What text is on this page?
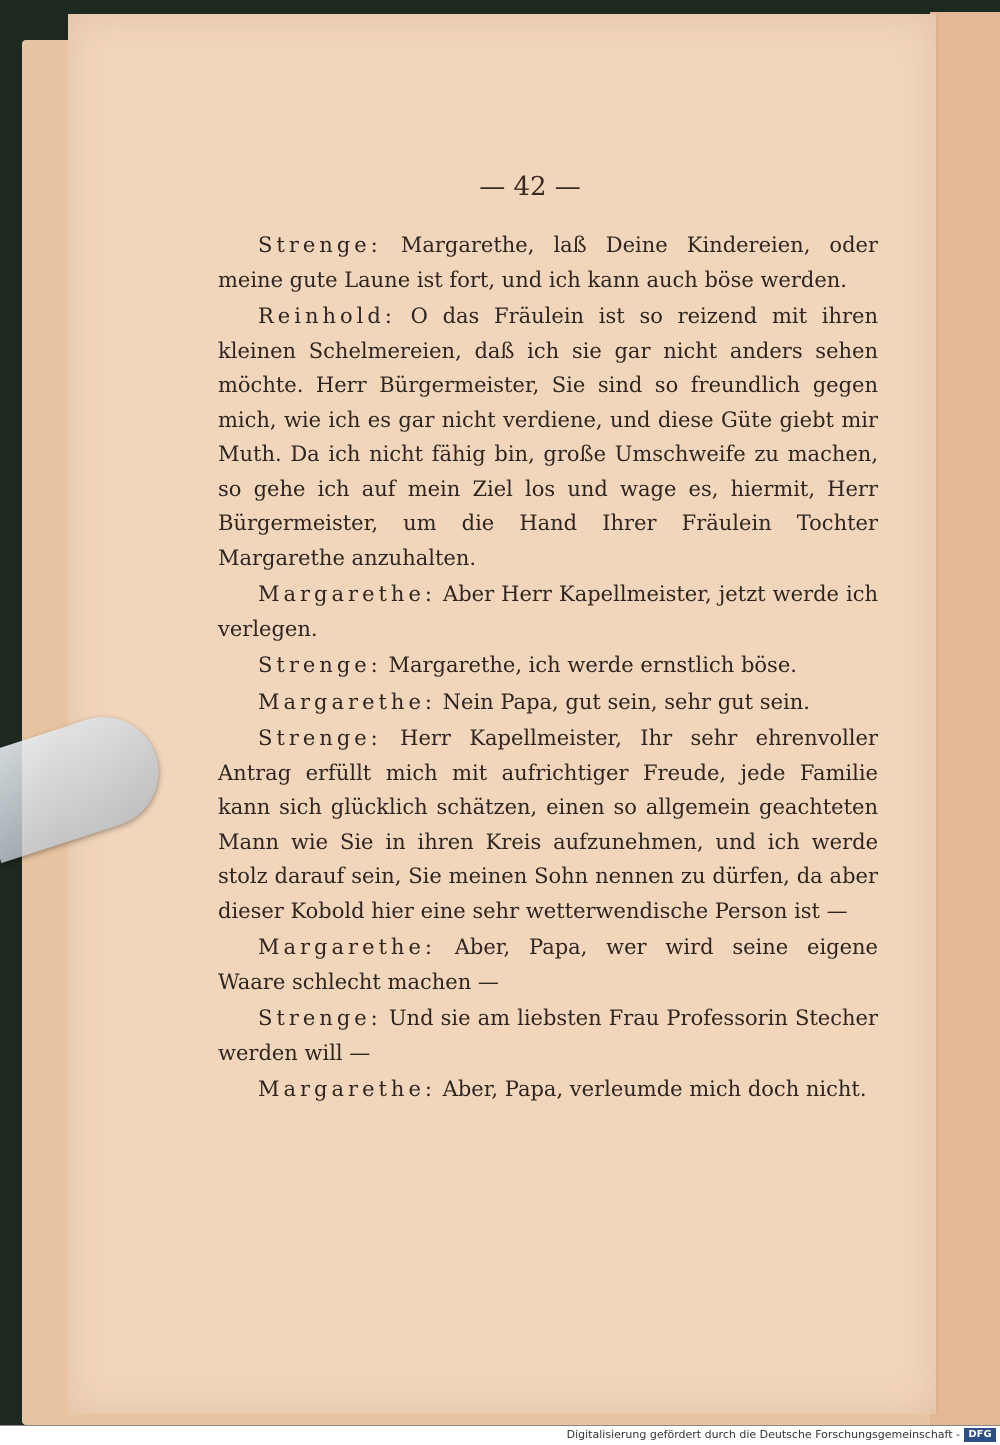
— 42 —

Strenge: Margarethe, laß Deine Kindereien, oder meine gute Laune ist fort, und ich kann auch böse werden.

Reinhold: O das Fräulein ist so reizend mit ihren kleinen Schelmereien, daß ich sie gar nicht anders sehen möchte. Herr Bürgermeister, Sie sind so freundlich gegen mich, wie ich es gar nicht verdiene, und diese Güte giebt mir Muth. Da ich nicht fähig bin, große Umschweife zu machen, so gehe ich auf mein Ziel los und wage es, hiermit, Herr Bürgermeister, um die Hand Ihrer Fräulein Tochter Margarethe anzuhalten.

Margarethe: Aber Herr Kapellmeister, jetzt werde ich verlegen.

Strenge: Margarethe, ich werde ernstlich böse.

Margarethe: Nein Papa, gut sein, sehr gut sein.

Strenge: Herr Kapellmeister, Ihr sehr ehrenvoller Antrag erfüllt mich mit aufrichtiger Freude, jede Familie kann sich glücklich schätzen, einen so allgemein geachteten Mann wie Sie in ihren Kreis aufzunehmen, und ich werde stolz darauf sein, Sie meinen Sohn nennen zu dürfen, da aber dieser Kobold hier eine sehr wetterwendische Person ist —

Margarethe: Aber, Papa, wer wird seine eigene Waare schlecht machen —

Strenge: Und sie am liebsten Frau Professorin Stecher werden will —

Margarethe: Aber, Papa, verleumde mich doch nicht.

Digitalisierung gefördert durch die Deutsche Forschungsgemeinschaft - DFG
